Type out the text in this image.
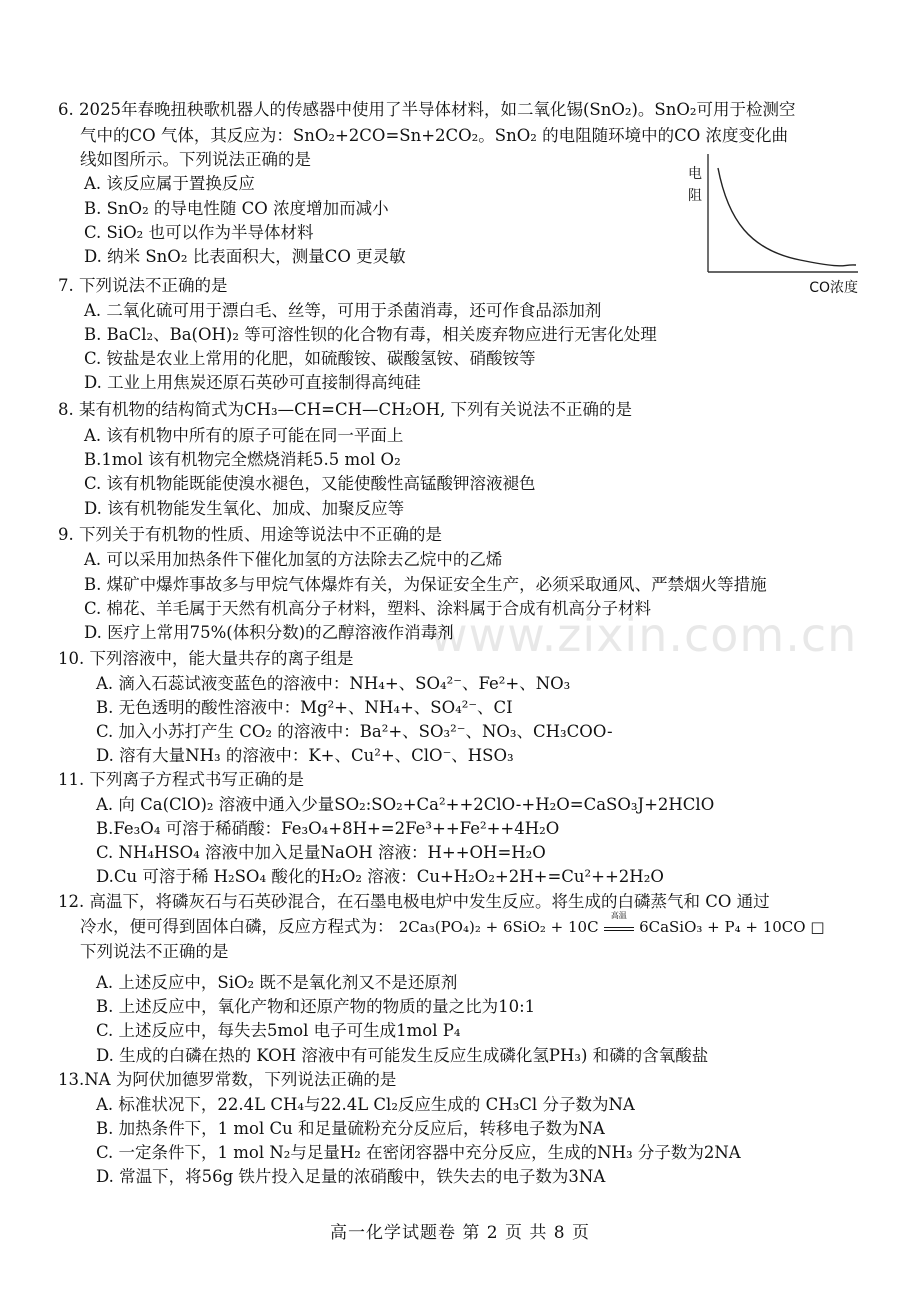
www.zixin.com.cn
6. 2025年春晚扭秧歌机器人的传感器中使用了半导体材料，如二氧化锡(SnO₂)。SnO₂可用于检测空
气中的CO 气体，其反应为：SnO₂+2CO=Sn+2CO₂。SnO₂ 的电阻随环境中的CO 浓度变化曲
线如图所示。下列说法正确的是
A. 该反应属于置换反应
B. SnO₂ 的导电性随 CO 浓度增加而减小
C. SiO₂ 也可以作为半导体材料
D. 纳米 SnO₂ 比表面积大，测量CO 更灵敏
电
阻
CO浓度
7. 下列说法不正确的是
A. 二氧化硫可用于漂白毛、丝等，可用于杀菌消毒，还可作食品添加剂
B. BaCl₂、Ba(OH)₂ 等可溶性钡的化合物有毒，相关废弃物应进行无害化处理
C. 铵盐是农业上常用的化肥，如硫酸铵、碳酸氢铵、硝酸铵等
D. 工业上用焦炭还原石英砂可直接制得高纯硅
8. 某有机物的结构简式为CH₃—CH=CH—CH₂OH, 下列有关说法不正确的是
A. 该有机物中所有的原子可能在同一平面上
B.1mol 该有机物完全燃烧消耗5.5 mol O₂
C. 该有机物能既能使溴水褪色，又能使酸性高锰酸钾溶液褪色
D. 该有机物能发生氧化、加成、加聚反应等
9. 下列关于有机物的性质、用途等说法中不正确的是
A. 可以采用加热条件下催化加氢的方法除去乙烷中的乙烯
B. 煤矿中爆炸事故多与甲烷气体爆炸有关，为保证安全生产，必须采取通风、严禁烟火等措施
C. 棉花、羊毛属于天然有机高分子材料，塑料、涂料属于合成有机高分子材料
D. 医疗上常用75%(体积分数)的乙醇溶液作消毒剂
10. 下列溶液中，能大量共存的离子组是
A. 滴入石蕊试液变蓝色的溶液中：NH₄+、SO₄²⁻、Fe²+、NO₃
B. 无色透明的酸性溶液中：Mg²+、NH₄+、SO₄²⁻、CI
C. 加入小苏打产生 CO₂ 的溶液中：Ba²+、SO₃²⁻、NO₃、CH₃COO-
D. 溶有大量NH₃ 的溶液中：K+、Cu²+、ClO⁻、HSO₃
11. 下列离子方程式书写正确的是
A. 向 Ca(ClO)₂ 溶液中通入少量SO₂:SO₂+Ca²++2ClO-+H₂O=CaSO₃J+2HClO
B.Fe₃O₄ 可溶于稀硝酸：Fe₃O₄+8H+=2Fe³++Fe²++4H₂O
C. NH₄HSO₄ 溶液中加入足量NaOH 溶液：H++OH=H₂O
D.Cu 可溶于稀 H₂SO₄ 酸化的H₂O₂ 溶液：Cu+H₂O₂+2H+=Cu²++2H₂O
12. 高温下，将磷灰石与石英砂混合，在石墨电极电炉中发生反应。将生成的白磷蒸气和 CO 通过
冷水，便可得到固体白磷，反应方程式为： 2Ca₃(PO₄)₂ + 6SiO₂ + 10C
高温
6CaSiO₃ + P₄ + 10CO □
下列说法不正确的是
A. 上述反应中，SiO₂ 既不是氧化剂又不是还原剂
B. 上述反应中，氧化产物和还原产物的物质的量之比为10:1
C. 上述反应中，每失去5mol 电子可生成1mol P₄
D. 生成的白磷在热的 KOH 溶液中有可能发生反应生成磷化氢PH₃) 和磷的含氧酸盐
13.NA 为阿伏加德罗常数，下列说法正确的是
A. 标准状况下，22.4L CH₄与22.4L Cl₂反应生成的 CH₃Cl 分子数为NA
B. 加热条件下，1 mol Cu 和足量硫粉充分反应后，转移电子数为NA
C. 一定条件下，1 mol N₂与足量H₂ 在密闭容器中充分反应，生成的NH₃ 分子数为2NA
D. 常温下，将56g 铁片投入足量的浓硝酸中，铁失去的电子数为3NA
高一化学试题卷 第 2 页 共 8 页
